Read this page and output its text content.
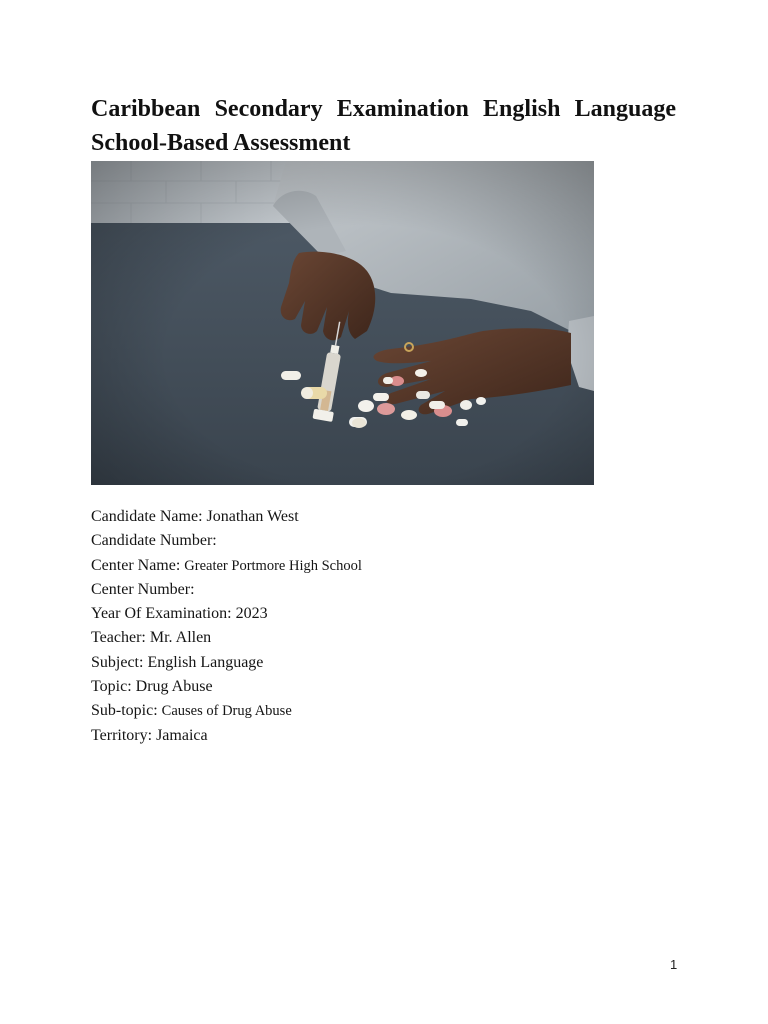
Caribbean Secondary Examination English Language
School-Based Assessment
Candidate Name: Jonathan West
Candidate Number:
Center Name: Greater Portmore High School
Center Number:
Year Of Examination: 2023
Teacher: Mr. Allen
Subject: English Language
Topic: Drug Abuse
Sub-topic: Causes of Drug Abuse
Territory: Jamaica
1
